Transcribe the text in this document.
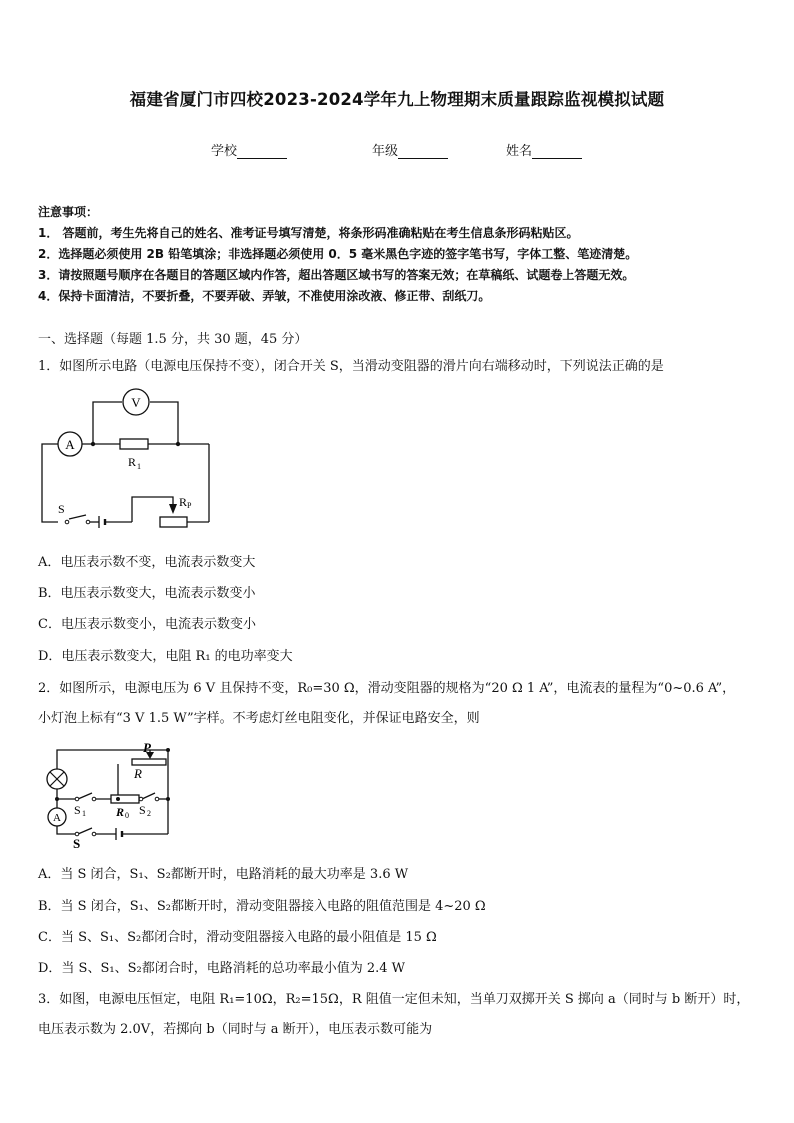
福建省厦门市四校2023-2024学年九上物理期末质量跟踪监视模拟试题
学校	年级	姓名
注意事项：
1． 答题前，考生先将自己的姓名、准考证号填写清楚，将条形码准确粘贴在考生信息条形码粘贴区。
2．选择题必须使用 2B 铅笔填涂；非选择题必须使用 0．5 毫米黑色字迹的签字笔书写，字体工整、笔迹清楚。
3．请按照题号顺序在各题目的答题区域内作答，超出答题区域书写的答案无效；在草稿纸、试题卷上答题无效。
4．保持卡面清洁，不要折叠，不要弄破、弄皱，不准使用涂改液、修正带、刮纸刀。
一、选择题（每题 1.5 分，共 30 题，45 分）
1．如图所示电路（电源电压保持不变），闭合开关 S，当滑动变阻器的滑片向右端移动时，下列说法正确的是
V
A
R 1
S	R P
A．电压表示数不变，电流表示数变大
B．电压表示数变大，电流表示数变小
C．电压表示数变小，电流表示数变小
D．电压表示数变大，电阻 R₁ 的电功率变大
2．如图所示，电源电压为 6 V 且保持不变，R₀=30 Ω，滑动变阻器的规格为“20 Ω 1 A”，电流表的量程为“0~0.6 A”，
小灯泡上标有“3 V 1.5 W”字样。不考虑灯丝电阻变化，并保证电路安全，则
P
R
R 0
S 1	S 2
A
S
A．当 S 闭合，S₁、S₂都断开时，电路消耗的最大功率是 3.6 W
B．当 S 闭合，S₁、S₂都断开时，滑动变阻器接入电路的阻值范围是 4~20 Ω
C．当 S、S₁、S₂都闭合时，滑动变阻器接入电路的最小阻值是 15 Ω
D．当 S、S₁、S₂都闭合时，电路消耗的总功率最小值为 2.4 W
3．如图，电源电压恒定，电阻 R₁=10Ω，R₂=15Ω，R 阻值一定但未知，当单刀双掷开关 S 掷向 a（同时与 b 断开）时，
电压表示数为 2.0V，若掷向 b（同时与 a 断开），电压表示数可能为
